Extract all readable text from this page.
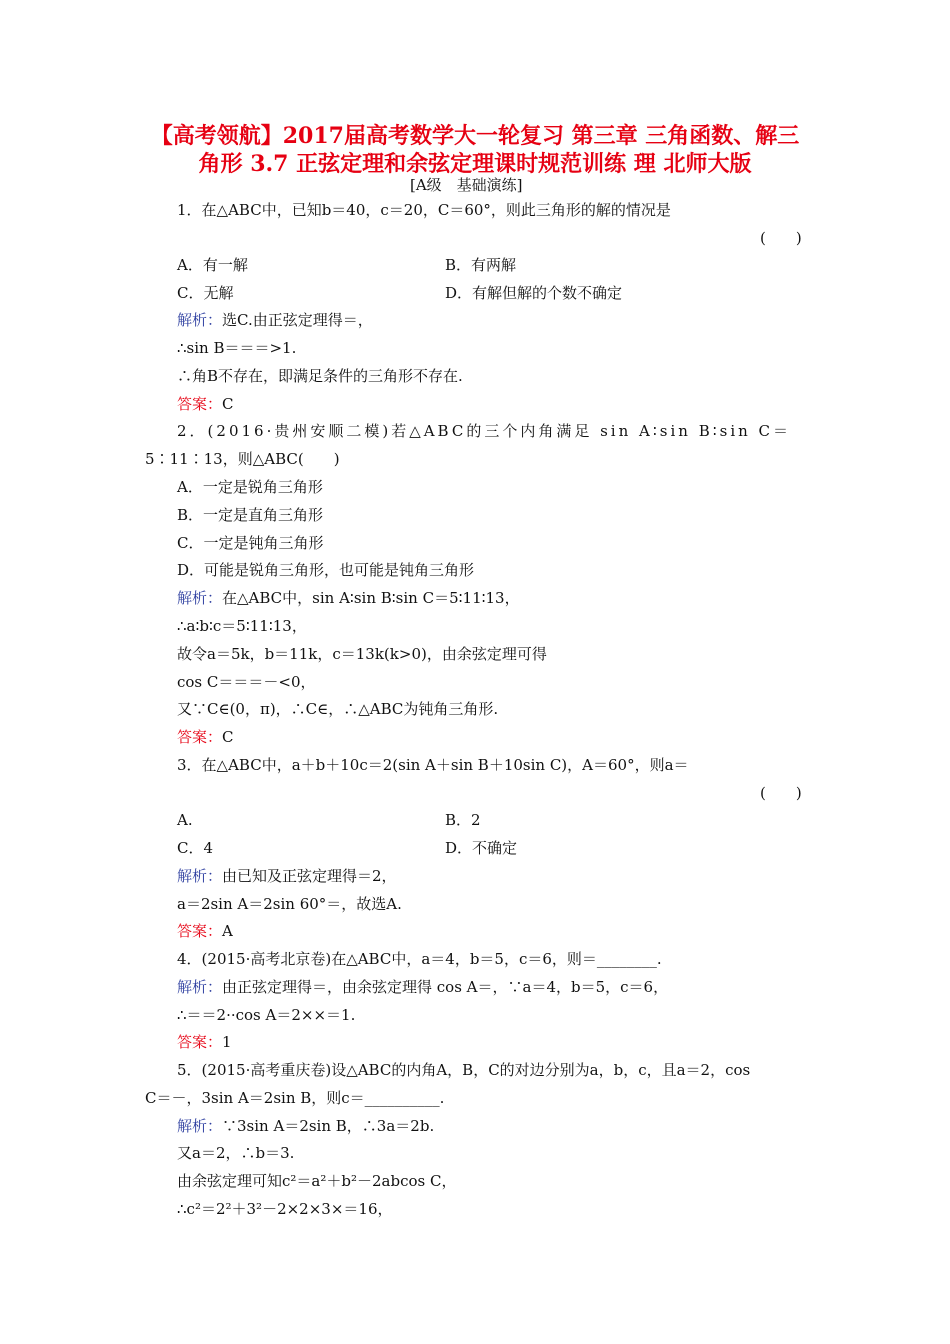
【高考领航】2017届高考数学大一轮复习 第三章 三角函数、解三
角形 3.7 正弦定理和余弦定理课时规范训练 理 北师大版
[A级　基础演练]
1．在△ABC中，已知b＝40，c＝20，C＝60°，则此三角形的解的情况是
(　　)
A．有一解	B．有两解
C．无解	D．有解但解的个数不确定
解析：选C.由正弦定理得＝，
∴sin B＝＝＝>1.
∴角B不存在，即满足条件的三角形不存在.
答案：C
2．(2016·贵州安顺二模)若△ABC的三个内角满足 sin A∶sin B∶sin C＝
5∶11∶13，则△ABC(　　)
A．一定是锐角三角形
B．一定是直角三角形
C．一定是钝角三角形
D．可能是锐角三角形，也可能是钝角三角形
解析：在△ABC中，sin A∶sin B∶sin C＝5∶11∶13，
∴a∶b∶c＝5∶11∶13，
故令a＝5k，b＝11k，c＝13k(k>0)，由余弦定理可得
cos C＝＝＝－<0，
又∵C∈(0，π)，∴C∈，∴△ABC为钝角三角形.
答案：C
3．在△ABC中，a＋b＋10c＝2(sin A＋sin B＋10sin C)，A＝60°，则a＝
(　　)
A.	B．2
C．4	D．不确定
解析：由已知及正弦定理得＝2，
a＝2sin A＝2sin 60°＝，故选A.
答案：A
4．(2015·高考北京卷)在△ABC中，a＝4，b＝5，c＝6，则＝________.
解析：由正弦定理得＝，由余弦定理得 cos A＝，∵a＝4，b＝5，c＝6，
∴＝＝2··cos A＝2××＝1.
答案：1
5．(2015·高考重庆卷)设△ABC的内角A，B，C的对边分别为a，b，c，且a＝2，cos
C＝－，3sin A＝2sin B，则c＝__________.
解析：∵3sin A＝2sin B，∴3a＝2b.
又a＝2，∴b＝3.
由余弦定理可知c²＝a²＋b²－2abcos C，
∴c²＝2²＋3²－2×2×3×＝16，
